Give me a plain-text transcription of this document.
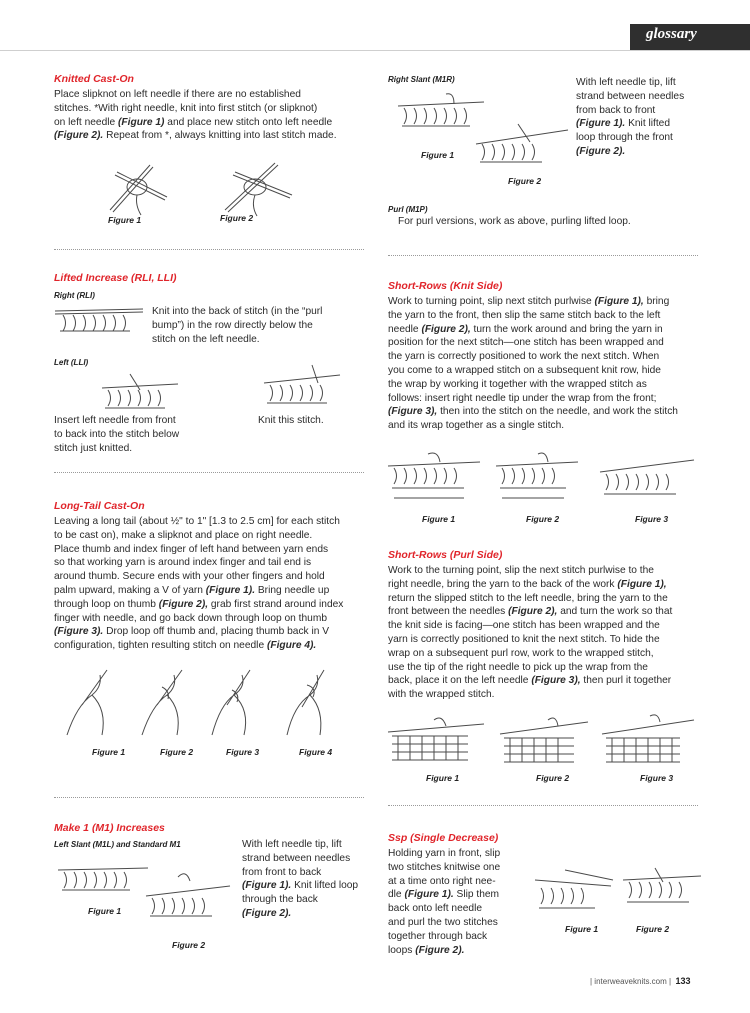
glossary
Knitted Cast-On
Place slipknot on left needle if there are no established
stitches. *With right needle, knit into first stitch (or slipknot)
on left needle (Figure 1) and place new stitch onto left needle
(Figure 2). Repeat from *, always knitting into last stitch made.
Figure 1	Figure 2
Lifted Increase (RLI, LLI)
Right (RLI)
Knit into the back of stitch (in the “purl
bump”) in the row directly below the
stitch on the left needle.
Left (LLI)
Insert left needle from front
to back into the stitch below
stitch just knitted.
Knit this stitch.
Long-Tail Cast-On
Leaving a long tail (about ½" to 1" [1.3 to 2.5 cm] for each stitch
to be cast on), make a slipknot and place on right needle.
Place thumb and index finger of left hand between yarn ends
so that working yarn is around index finger and tail end is
around thumb. Secure ends with your other fingers and hold
palm upward, making a V of yarn (Figure 1). Bring needle up
through loop on thumb (Figure 2), grab first strand around index
finger with needle, and go back down through loop on thumb
(Figure 3). Drop loop off thumb and, placing thumb back in V
configuration, tighten resulting stitch on needle (Figure 4).
Figure 1	Figure 2	Figure 3	Figure 4
Make 1 (M1) Increases
Left Slant (M1L) and Standard M1
Figure 1
Figure 2
With left needle tip, lift
strand between needles
from front to back
(Figure 1). Knit lifted loop
through the back
(Figure 2).
Right Slant (M1R)
Figure 1
Figure 2
With left needle tip, lift
strand between needles
from back to front
(Figure 1). Knit lifted
loop through the front
(Figure 2).
Purl (M1P)
For purl versions, work as above, purling lifted loop.
Short-Rows (Knit Side)
Work to turning point, slip next stitch purlwise (Figure 1), bring
the yarn to the front, then slip the same stitch back to the left
needle (Figure 2), turn the work around and bring the yarn in
position for the next stitch—one stitch has been wrapped and
the yarn is correctly positioned to work the next stitch. When
you come to a wrapped stitch on a subsequent knit row, hide
the wrap by working it together with the wrapped stitch as
follows: insert right needle tip under the wrap from the front;
(Figure 3), then into the stitch on the needle, and work the stitch
and its wrap together as a single stitch.
Figure 1	Figure 2	Figure 3
Short-Rows (Purl Side)
Work to the turning point, slip the next stitch purlwise to the
right needle, bring the yarn to the back of the work (Figure 1),
return the slipped stitch to the left needle, bring the yarn to the
front between the needles (Figure 2), and turn the work so that
the knit side is facing—one stitch has been wrapped and the
yarn is correctly positioned to knit the next stitch. To hide the
wrap on a subsequent purl row, work to the wrapped stitch,
use the tip of the right needle to pick up the wrap from the
back, place it on the left needle (Figure 3), then purl it together
with the wrapped stitch.
Figure 1	Figure 2	Figure 3
Ssp (Single Decrease)
Holding yarn in front, slip
two stitches knitwise one
at a time onto right nee-
dle (Figure 1). Slip them
back onto left needle
and purl the two stitches
together through back
loops (Figure 2).
Figure 1	Figure 2
| interweaveknits.com | 133
